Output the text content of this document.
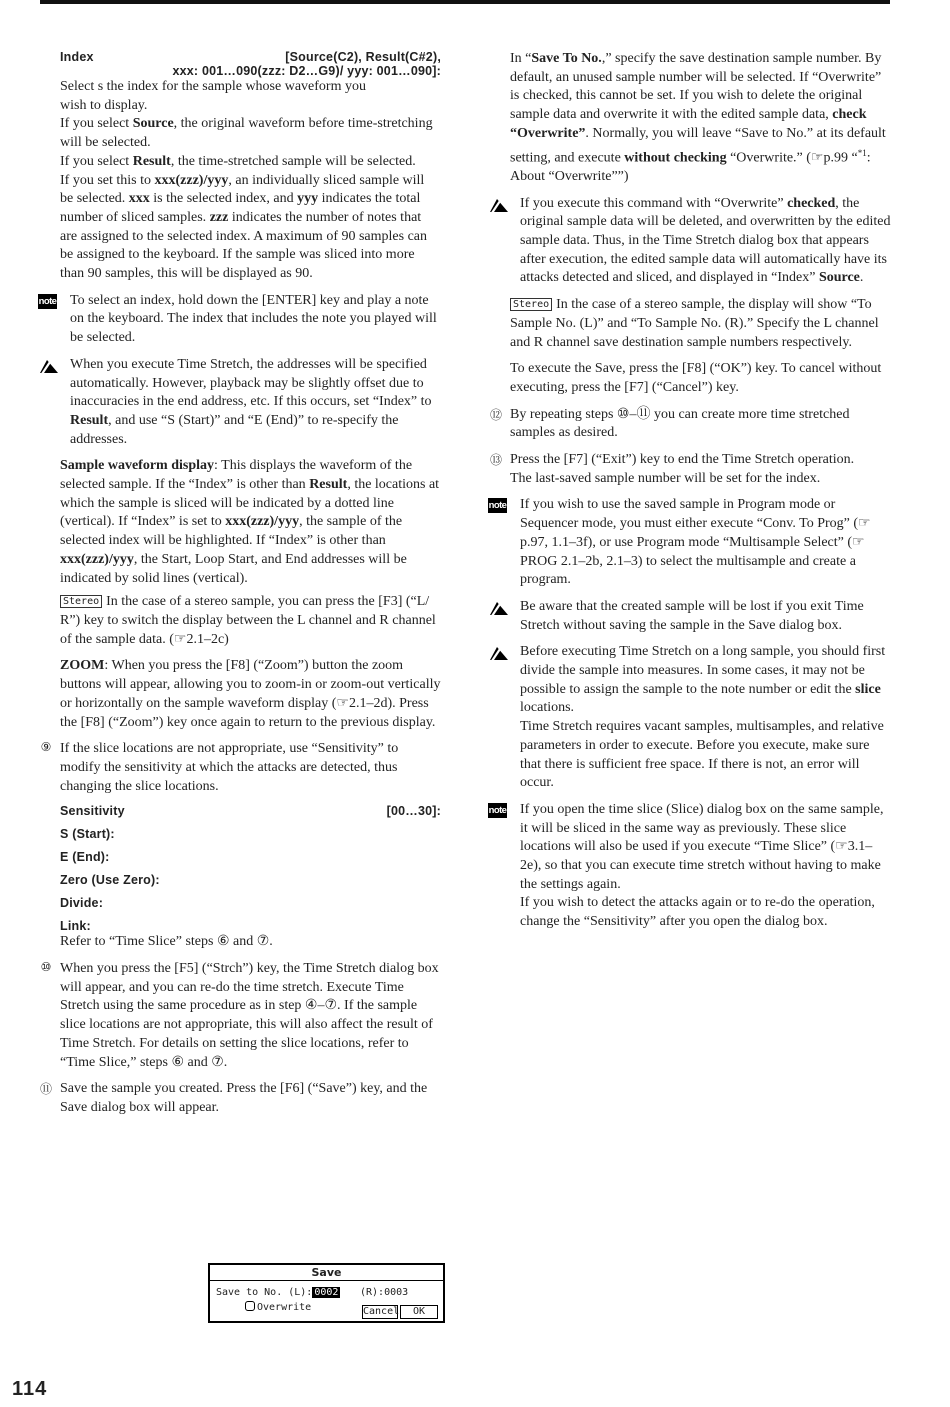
Index	[Source(C2), Result(C#2),
xxx: 001…090(zzz: D2…G9)/ yyy: 001…090]:

Select s the index for the sample whose waveform you

wish to display.

If you select Source, the original waveform before time-stretching will be selected.

If you select Result, the time-stretched sample will be selected.

If you set this to xxx(zzz)/yyy, an individually sliced sample will be selected. xxx is the selected index, and yyy indicates the total number of sliced samples. zzz indicates the number of notes that are assigned to the selected index. A maximum of 90 samples can be assigned to the keyboard. If the sample was sliced into more than 90 samples, this will be displayed as 90.

note To select an index, hold down the [ENTER] key and play a note on the keyboard. The index that includes the note you played will be selected.

When you execute Time Stretch, the addresses will be specified automatically. However, playback may be slightly offset due to inaccuracies in the end address, etc. If this occurs, set “Index” to Result, and use “S (Start)” and “E (End)” to re-specify the addresses.

Sample waveform display: This displays the waveform of the selected sample. If the “Index” is other than Result, the locations at which the sample is sliced will be indicated by a dotted line (vertical). If “Index” is set to xxx(zzz)/yyy, the sample of the selected index will be highlighted. If “Index” is other than xxx(zzz)/yyy, the Start, Loop Start, and End addresses will be indicated by solid lines (vertical).

Stereo In the case of a stereo sample, you can press the [F3] (“L/ R”) key to switch the display between the L channel and R channel of the sample data. (☞2.1–2c)

ZOOM: When you press the [F8] (“Zoom”) button the zoom buttons will appear, allowing you to zoom-in or zoom-out vertically or horizontally on the sample waveform display (☞2.1–2d). Press the [F8] (“Zoom”) key once again to return to the previous display.

⑨ If the slice locations are not appropriate, use “Sensitivity” to modify the sensitivity at which the attacks are detected, thus changing the slice locations.

Sensitivity	[00…30]:
S (Start):
E (End):
Zero (Use Zero):
Divide:
Link:

Refer to “Time Slice” steps ⑥ and ⑦.

⑩ When you press the [F5] (“Strch”) key, the Time Stretch dialog box will appear, and you can re-do the time stretch. Execute Time Stretch using the same procedure as in step ④–⑦. If the sample slice locations are not appropriate, this will also affect the result of Time Stretch. For details on setting the slice locations, refer to “Time Slice,” steps ⑥ and ⑦.

⑪ Save the sample you created. Press the [F6] (“Save”) key, and the Save dialog box will appear.

Save
Save to No. (L): 0002 (R):0003
Overwrite	Cancel	OK

In “Save To No.,” specify the save destination sample number. By default, an unused sample number will be selected. If “Overwrite” is checked, this cannot be set. If you wish to delete the original sample data and overwrite it with the edited sample data, check “Overwrite”. Normally, you will leave “Save to No.” at its default setting, and execute without checking “Overwrite.” (☞p.99 “$^{*1}$: About “Overwrite””)

If you execute this command with “Overwrite” checked, the original sample data will be deleted, and overwritten by the edited sample data. Thus, in the Time Stretch dialog box that appears after execution, the edited sample data will automatically have its attacks detected and sliced, and displayed in “Index” Source.

Stereo In the case of a stereo sample, the display will show “To Sample No. (L)” and “To Sample No. (R).” Specify the L channel and R channel save destination sample numbers respectively.

To execute the Save, press the [F8] (“OK”) key. To cancel without executing, press the [F7] (“Cancel”) key.

⑫ By repeating steps ⑩–⑪ you can create more time stretched samples as desired.

⑬ Press the [F7] (“Exit”) key to end the Time Stretch operation.

The last-saved sample number will be set for the index.

note If you wish to use the saved sample in Program mode or Sequencer mode, you must either execute “Conv. To Prog” (☞p.97, 1.1–3f), or use Program mode “Multisample Select” (☞PROG 2.1–2b, 2.1–3) to select the multisample and create a program.

Be aware that the created sample will be lost if you exit Time Stretch without saving the sample in the Save dialog box.

Before executing Time Stretch on a long sample, you should first divide the sample into measures. In some cases, it may not be possible to assign the sample to the note number or edit the slice locations.

Time Stretch requires vacant samples, multisamples, and relative parameters in order to execute. Before you execute, make sure that there is sufficient free space. If there is not, an error will occur.

note If you open the time slice (Slice) dialog box on the same sample, it will be sliced in the same way as previously. These slice locations will also be used if you execute “Time Slice” (☞3.1–2e), so that you can execute time stretch without having to make the settings again.

If you wish to detect the attacks again or to re-do the operation, change the “Sensitivity” after you open the dialog box.

114
